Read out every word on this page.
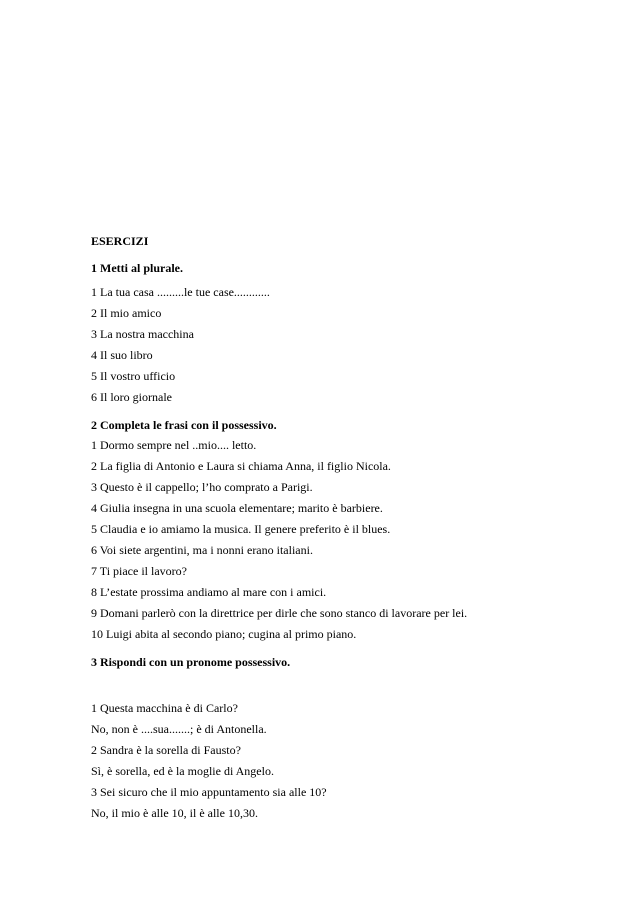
ESERCIZI

1 Metti al plurale.

1 La tua casa .........le tue case............

2 Il mio amico

3 La nostra macchina

4 Il suo libro

5 Il vostro ufficio

6 Il loro giornale

2 Completa le frasi con il possessivo.

1 Dormo sempre nel ..mio.... letto.

2 La figlia di Antonio e Laura si chiama Anna, il figlio Nicola.

3 Questo è il cappello; l’ho comprato a Parigi.

4 Giulia insegna in una scuola elementare; marito è barbiere.

5 Claudia e io amiamo la musica. Il genere preferito è il blues.

6 Voi siete argentini, ma i nonni erano italiani.

7 Ti piace il lavoro?

8 L’estate prossima andiamo al mare con i amici.

9 Domani parlerò con la direttrice per dirle che sono stanco di lavorare per lei.

10 Luigi abita al secondo piano; cugina al primo piano.

3 Rispondi con un pronome possessivo.

1 Questa macchina è di Carlo?

No, non è ....sua.......; è di Antonella.

2 Sandra è la sorella di Fausto?

Sì, è sorella, ed è la moglie di Angelo.

3 Sei sicuro che il mio appuntamento sia alle 10?

No, il mio è alle 10, il è alle 10,30.
